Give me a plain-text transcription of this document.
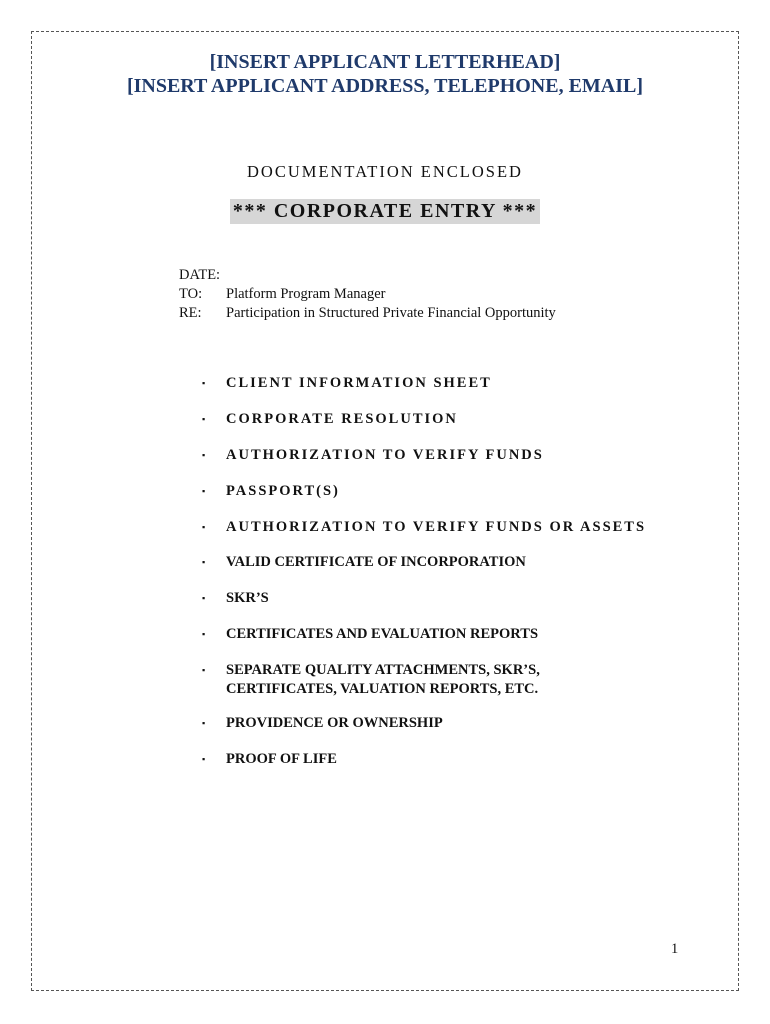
[INSERT APPLICANT LETTERHEAD]
[INSERT APPLICANT ADDRESS, TELEPHONE, EMAIL]
DOCUMENTATION ENCLOSED
*** CORPORATE ENTRY ***
DATE:
TO:	Platform Program Manager
RE:	Participation in Structured Private Financial Opportunity
▪	CLIENT INFORMATION SHEET
▪	CORPORATE RESOLUTION
▪	AUTHORIZATION TO VERIFY FUNDS
▪	PASSPORT(S)
▪	AUTHORIZATION TO VERIFY FUNDS OR ASSETS
▪	VALID CERTIFICATE OF INCORPORATION
▪	SKR’S
▪	CERTIFICATES AND EVALUATION REPORTS
▪	SEPARATE QUALITY ATTACHMENTS, SKR’S,
CERTIFICATES, VALUATION REPORTS, ETC.
▪	PROVIDENCE OR OWNERSHIP
▪	PROOF OF LIFE
1
